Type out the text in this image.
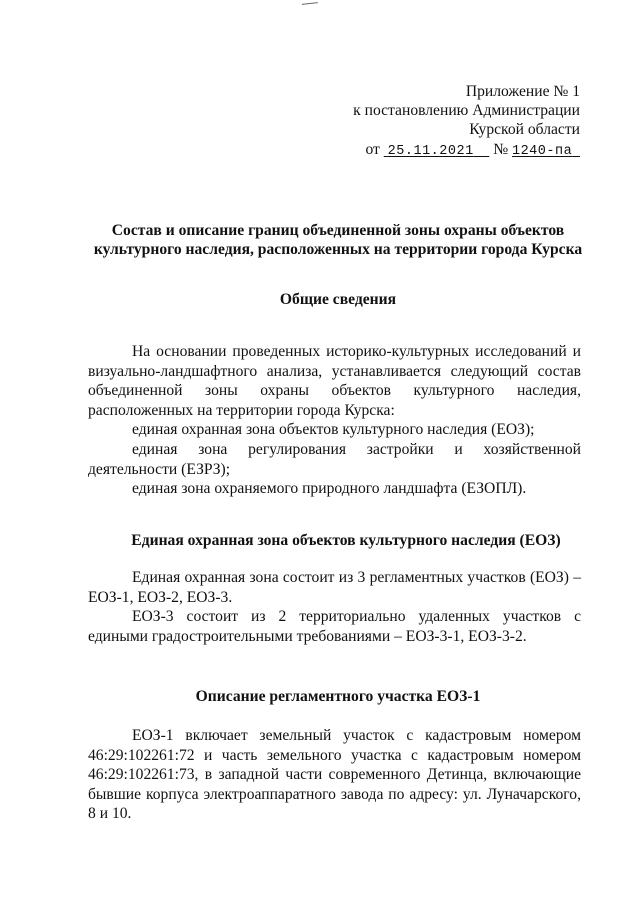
Приложение № 1
к постановлению Администрации
Курской области
от 25.11.2021 № 1240-па
Состав и описание границ объединенной зоны охраны объектов
культурного наследия, расположенных на территории города Курска
Общие сведения

На основании проведенных историко-культурных исследований и визуально-ландшафтного анализа, устанавливается следующий состав объединенной зоны охраны объектов культурного наследия, расположенных на территории города Курска:

единая охранная зона объектов культурного наследия (ЕОЗ);

единая зона регулирования застройки и хозяйственной деятельности (ЕЗРЗ);

единая зона охраняемого природного ландшафта (ЕЗОПЛ).

Единая охранная зона объектов культурного наследия (ЕОЗ)

Единая охранная зона состоит из 3 регламентных участков (ЕОЗ) – ЕОЗ-1, ЕОЗ-2, ЕОЗ-3.

ЕОЗ-3 состоит из 2 территориально удаленных участков с едиными градостроительными требованиями – ЕОЗ-3-1, ЕОЗ-3-2.

Описание регламентного участка ЕОЗ-1

ЕОЗ-1 включает земельный участок с кадастровым номером 46:29:102261:72 и часть земельного участка с кадастровым номером 46:29:102261:73, в западной части современного Детинца, включающие бывшие корпуса электроаппаратного завода по адресу: ул. Луначарского, 8 и 10.
